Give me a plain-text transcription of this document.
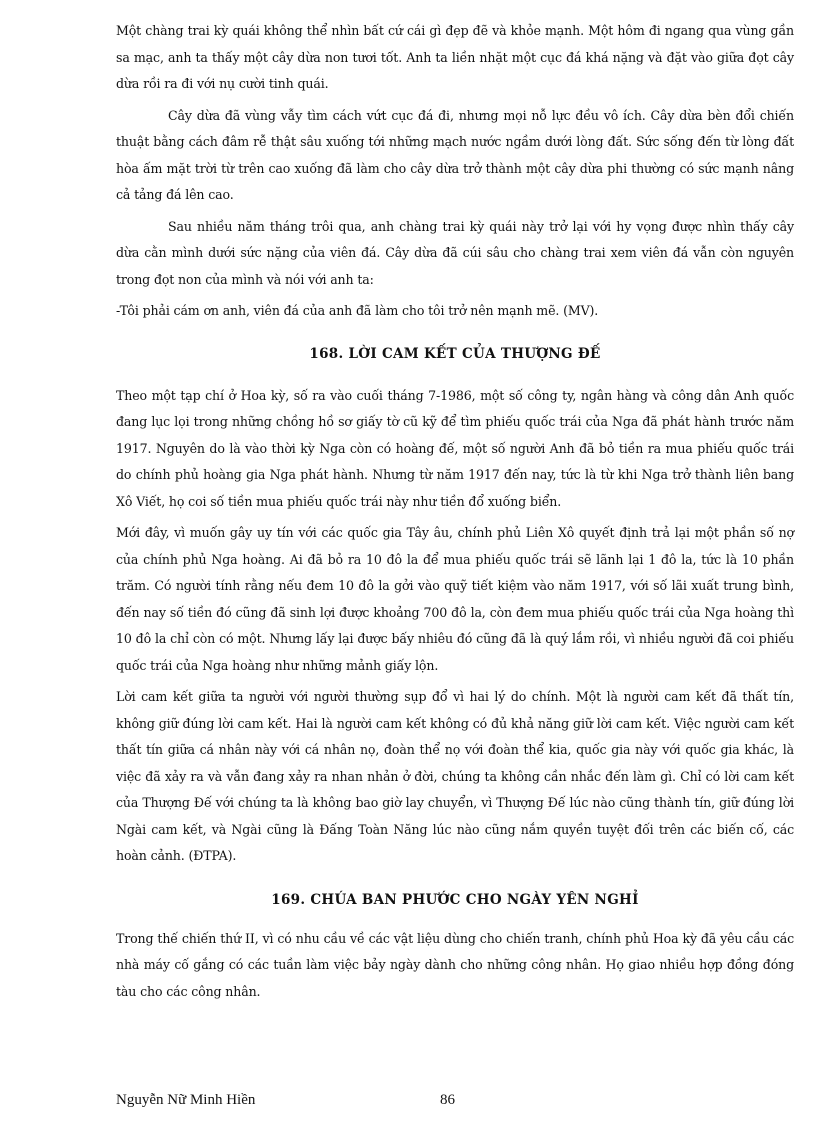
Một chàng trai kỳ quái không thể nhìn bất cứ cái gì đẹp đẽ và khỏe mạnh. Một hôm đi ngang qua vùng gần sa mạc, anh ta thấy một cây dừa non tươi tốt. Anh ta liền nhặt một cục đá khá nặng và đặt vào giữa đọt cây dừa rồi ra đi với nụ cười tinh quái.

Cây dừa đã vùng vẫy tìm cách vứt cục đá đi, nhưng mọi nỗ lực đều vô ích. Cây dừa bèn đổi chiến thuật bằng cách đâm rễ thật sâu xuống tới những mạch nước ngầm dưới lòng đất. Sức sống đến từ lòng đất hòa ấm mặt trời từ trên cao xuống đã làm cho cây dừa trở thành một cây dừa phi thường có sức mạnh nâng cả tảng đá lên cao.

Sau nhiều năm tháng trôi qua, anh chàng trai kỳ quái này trở lại với hy vọng được nhìn thấy cây dừa cằn mình dưới sức nặng của viên đá. Cây dừa đã cúi sâu cho chàng trai xem viên đá vẫn còn nguyên trong đọt non của mình và nói với anh ta:

-Tôi phải cám ơn anh, viên đá của anh đã làm cho tôi trở nên mạnh mẽ. (MV).

168. LỜI CAM KẾT CỦA THƯỢNG ĐẾ

Theo một tạp chí ở Hoa kỳ, số ra vào cuối tháng 7-1986, một số công ty, ngân hàng và công dân Anh quốc đang lục lọi trong những chồng hồ sơ giấy tờ cũ kỹ để tìm phiếu quốc trái của Nga đã phát hành trước năm 1917. Nguyên do là vào thời kỳ Nga còn có hoàng đế, một số người Anh đã bỏ tiền ra mua phiếu quốc trái do chính phủ hoàng gia Nga phát hành. Nhưng từ năm 1917 đến nay, tức là từ khi Nga trở thành liên bang Xô Viết, họ coi số tiền mua phiếu quốc trái này như tiền đổ xuống biển.

Mới đây, vì muốn gây uy tín với các quốc gia Tây âu, chính phủ Liên Xô quyết định trả lại một phần số nợ của chính phủ Nga hoàng. Ai đã bỏ ra 10 đô la để mua phiếu quốc trái sẽ lãnh lại 1 đô la, tức là 10 phần trăm. Có người tính rằng nếu đem 10 đô la gởi vào quỹ tiết kiệm vào năm 1917, với số lãi xuất trung bình, đến nay số tiền đó cũng đã sinh lợi được khoảng 700 đô la, còn đem mua phiếu quốc trái của Nga hoàng thì 10 đô la chỉ còn có một. Nhưng lấy lại được bấy nhiêu đó cũng đã là quý lắm rồi, vì nhiều người đã coi phiếu quốc trái của Nga hoàng như những mảnh giấy lộn.

Lời cam kết giữa ta người với người thường sụp đổ vì hai lý do chính. Một là người cam kết đã thất tín, không giữ đúng lời cam kết. Hai là người cam kết không có đủ khả năng giữ lời cam kết. Việc người cam kết thất tín giữa cá nhân này với cá nhân nọ, đoàn thể nọ với đoàn thể kia, quốc gia này với quốc gia khác, là việc đã xảy ra và vẫn đang xảy ra nhan nhản ở đời, chúng ta không cần nhắc đến làm gì. Chỉ có lời cam kết của Thượng Đế với chúng ta là không bao giờ lay chuyển, vì Thượng Đế lúc nào cũng thành tín, giữ đúng lời Ngài cam kết, và Ngài cũng là Đấng Toàn Năng lúc nào cũng nắm quyền tuyệt đối trên các biến cố, các hoàn cảnh. (ĐTPA).

169. CHÚA BAN PHƯỚC CHO NGÀY YÊN NGHỈ

Trong thế chiến thứ II, vì có nhu cầu về các vật liệu dùng cho chiến tranh, chính phủ Hoa kỳ đã yêu cầu các nhà máy cố gắng có các tuần làm việc bảy ngày dành cho những công nhân. Họ giao nhiều hợp đồng đóng tàu cho các công nhân.

Nguyễn Nữ Minh Hiền	86
